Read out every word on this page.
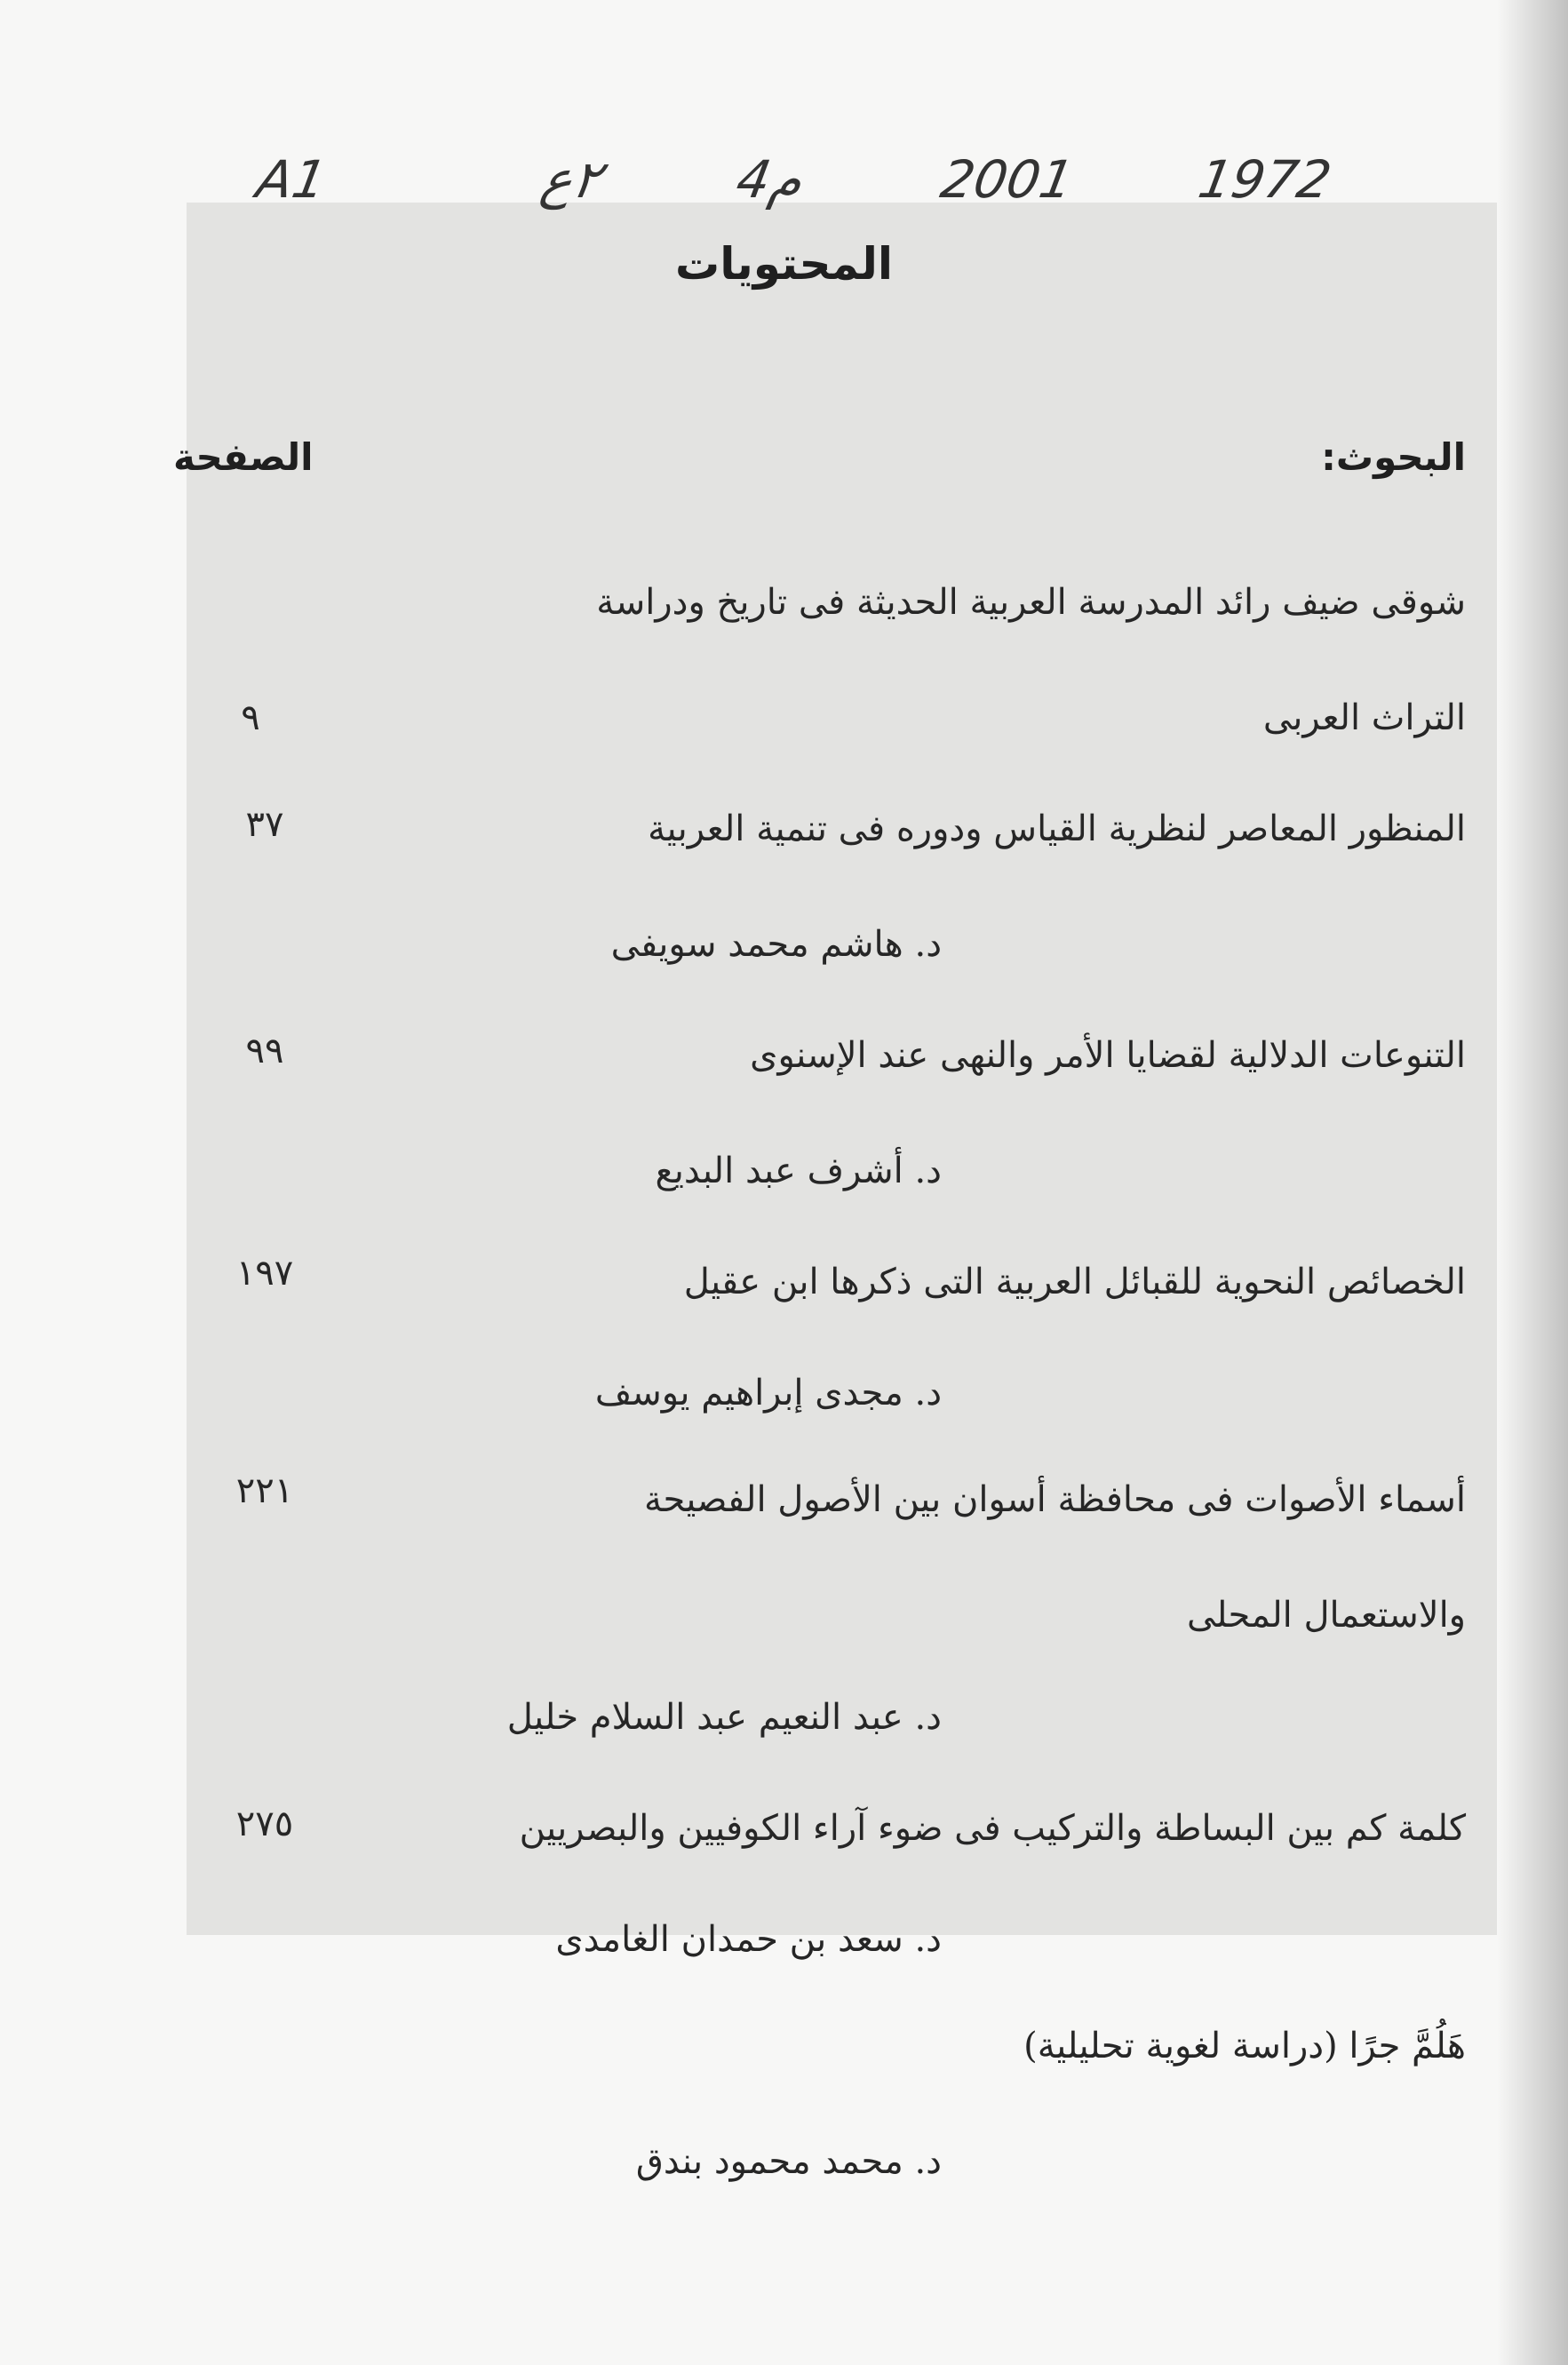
A1	٢ع م4	2001 1972
المحتويات
البحوث:
الصفحة
شوقى ضيف رائد المدرسة العربية الحديثة فى تاريخ ودراسة
التراث العربى
٩
المنظور المعاصر لنظرية القياس ودوره فى تنمية العربية
٣٧
د. هاشم محمد سويفى
التنوعات الدلالية لقضايا الأمر والنهى عند الإسنوى
٩٩
د. أشرف عبد البديع
الخصائص النحوية للقبائل العربية التى ذكرها ابن عقيل
١٩٧
د. مجدى إبراهيم يوسف
أسماء الأصوات فى محافظة أسوان بين الأصول الفصيحة
٢٢١
والاستعمال المحلى
د. عبد النعيم عبد السلام خليل
كلمة كم بين البساطة والتركيب فى ضوء آراء الكوفيين والبصريين
٢٧٥
د. سعد بن حمدان الغامدى
هَلُمَّ جرًا (دراسة لغوية تحليلية)
د. محمد محمود بندق
